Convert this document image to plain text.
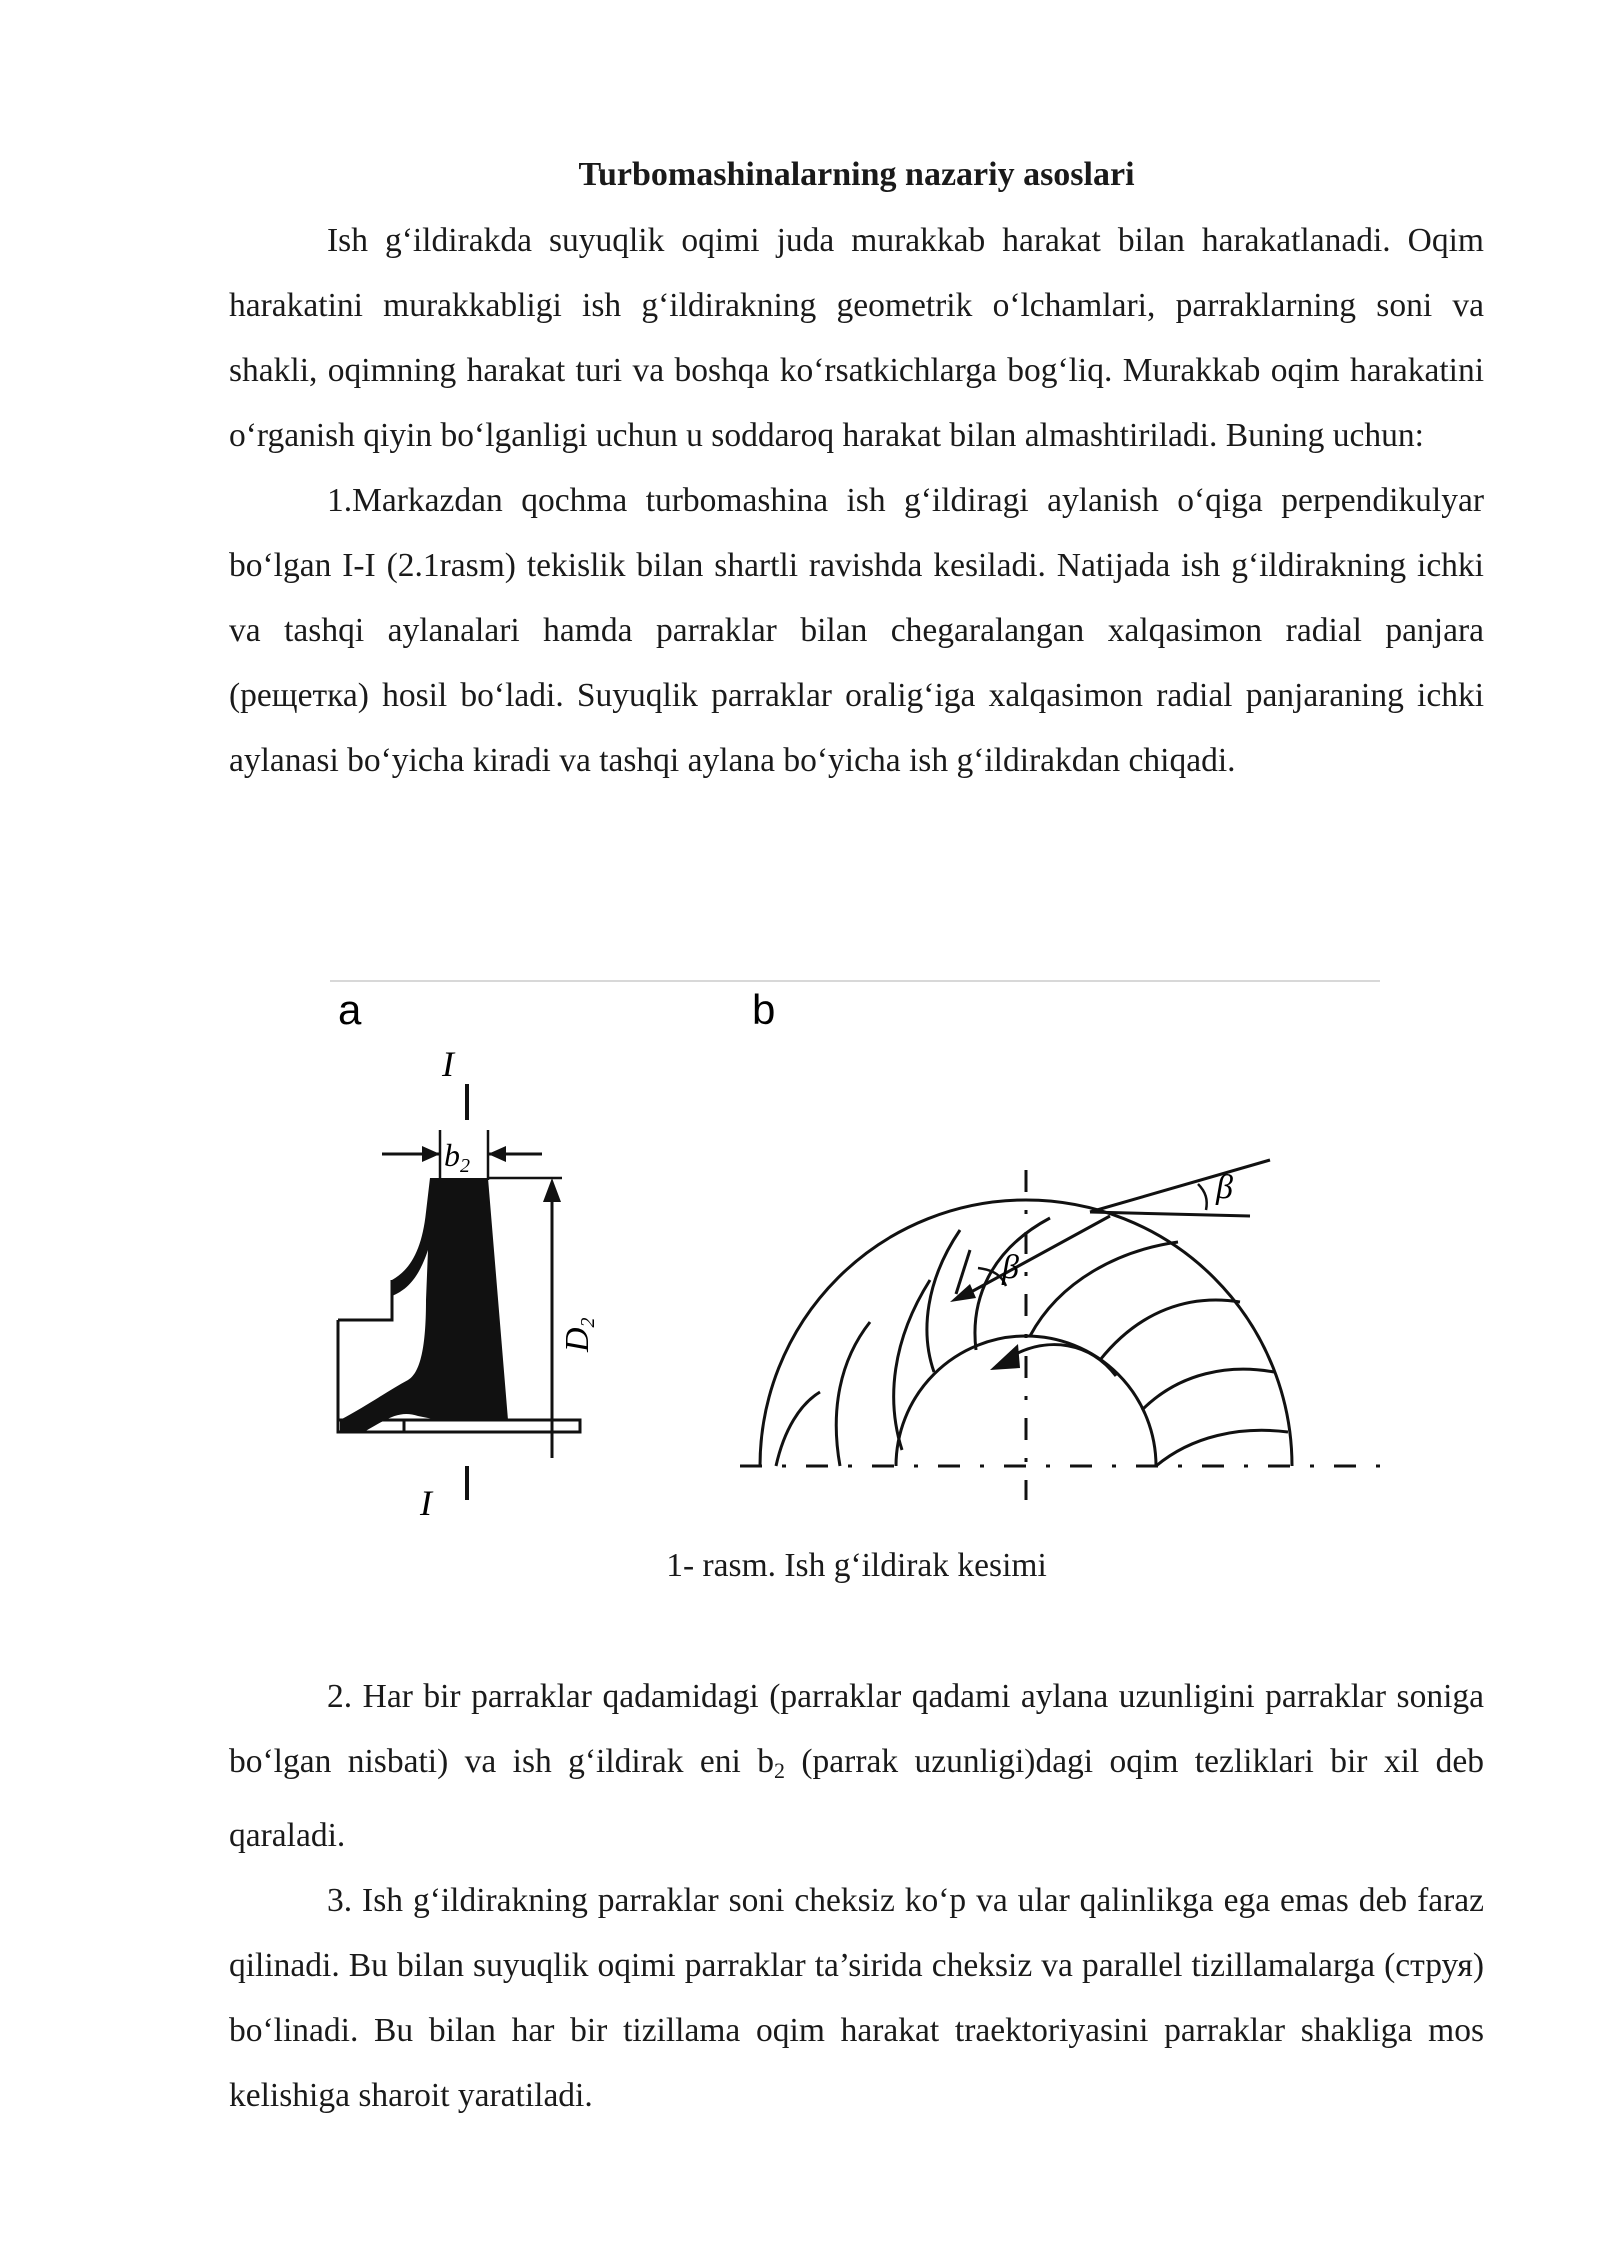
Turbomashinalarning nazariy asoslari

Ish g‘ildirakda suyuqlik oqimi juda murakkab harakat bilan harakatlanadi. Oqim harakatini murakkabligi ish g‘ildirakning geometrik o‘lchamlari, parraklarning soni va shakli, oqimning harakat turi va boshqa ko‘rsatkichlarga bog‘liq. Murakkab oqim harakatini o‘rganish qiyin bo‘lganligi uchun u soddaroq harakat bilan almashtiriladi. Buning uchun:

1.Markazdan qochma turbomashina ish g‘ildiragi aylanish o‘qiga perpendikulyar bo‘lgan I-I (2.1rasm) tekislik bilan shartli ravishda kesiladi. Natijada ish g‘ildirakning ichki va tashqi aylanalari hamda parraklar bilan chegaralangan xalqasimon radial panjara (рещетка) hosil bo‘ladi. Suyuqlik parraklar oralig‘iga xalqasimon radial panjaraning ichki aylanasi bo‘yicha kiradi va tashqi aylana bo‘yicha ish g‘ildirakdan chiqadi.

a
I
b2
D2
I
b
β
β
1- rasm. Ish g‘ildirak kesimi

2. Har bir parraklar qadamidagi (parraklar qadami aylana uzunligini parraklar soniga bo‘lgan nisbati) va ish g‘ildirak eni $b_2$ (parrak uzunligi)dagi oqim tezliklari bir xil deb qaraladi.

3. Ish g‘ildirakning parraklar soni cheksiz ko‘p va ular qalinlikga ega emas deb faraz qilinadi. Bu bilan suyuqlik oqimi parraklar ta’sirida cheksiz va parallel tizillamalarga (струя) bo‘linadi. Bu bilan har bir tizillama oqim harakat traektoriyasini parraklar shakliga mos kelishiga sharoit yaratiladi.
